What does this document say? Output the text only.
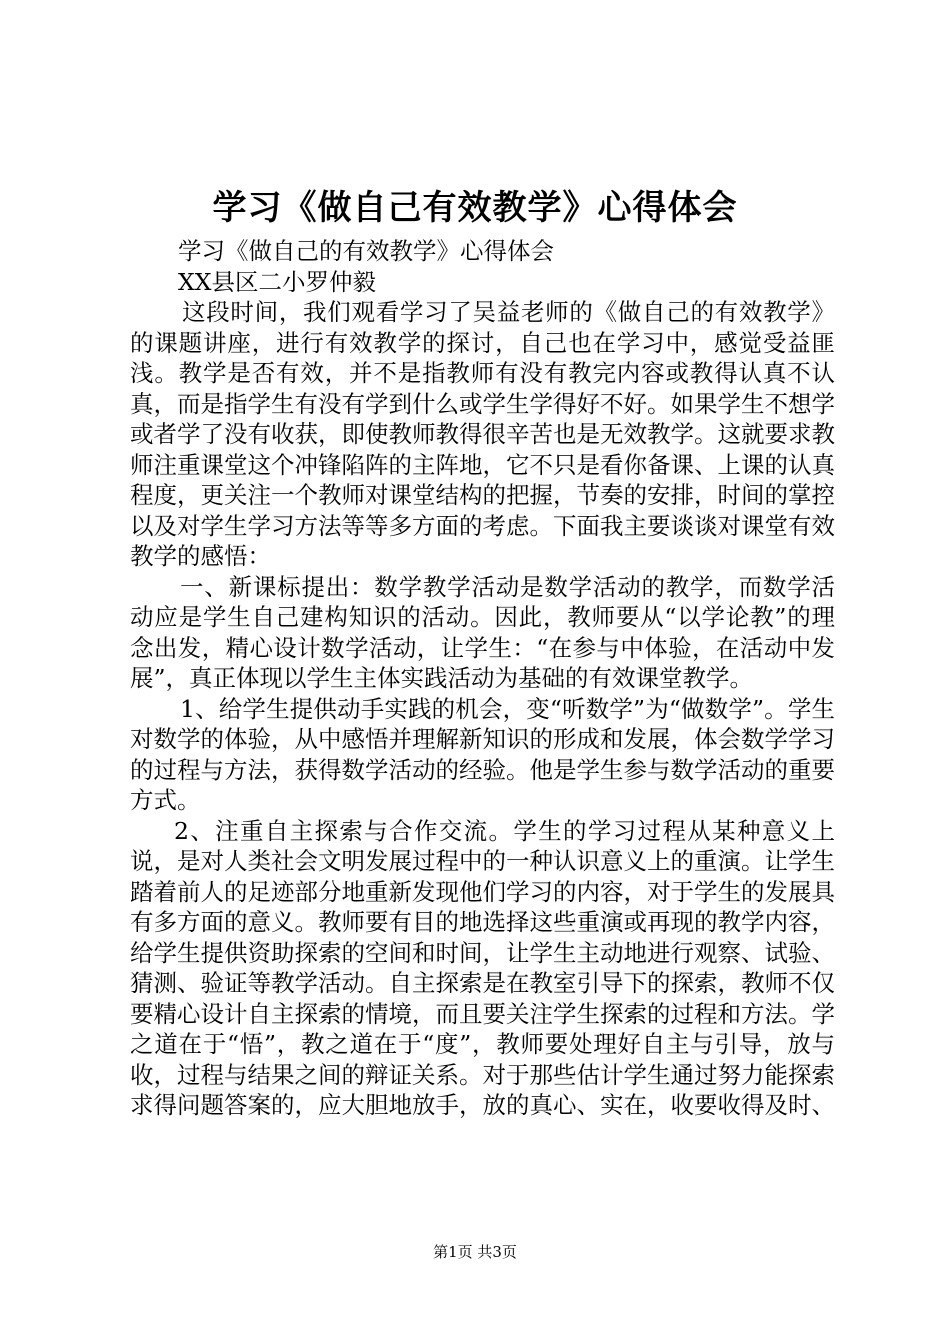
学习《做自己有效教学》心得体会

学习《做自己的有效教学》心得体会

XX县区二小罗仲毅

这段时间，我们观看学习了吴益老师的《做自己的有效教学》的课题讲座，进行有效教学的探讨，自己也在学习中，感觉受益匪浅。教学是否有效，并不是指教师有没有教完内容或教得认真不认真，而是指学生有没有学到什么或学生学得好不好。如果学生不想学或者学了没有收获，即使教师教得很辛苦也是无效教学。这就要求教师注重课堂这个冲锋陷阵的主阵地，它不只是看你备课、上课的认真程度，更关注一个教师对课堂结构的把握，节奏的安排，时间的掌控以及对学生学习方法等等多方面的考虑。下面我主要谈谈对课堂有效教学的感悟：

一、新课标提出：数学教学活动是数学活动的教学，而数学活动应是学生自己建构知识的活动。因此，教师要从“以学论教”的理念出发，精心设计数学活动，让学生：“在参与中体验，在活动中发展”，真正体现以学生主体实践活动为基础的有效课堂教学。

1、给学生提供动手实践的机会，变“听数学”为“做数学”。学生对数学的体验，从中感悟并理解新知识的形成和发展，体会数学学习的过程与方法，获得数学活动的经验。他是学生参与数学活动的重要方式。

2、注重自主探索与合作交流。学生的学习过程从某种意义上说，是对人类社会文明发展过程中的一种认识意义上的重演。让学生踏着前人的足迹部分地重新发现他们学习的内容，对于学生的发展具有多方面的意义。教师要有目的地选择这些重演或再现的教学内容，给学生提供资助探索的空间和时间，让学生主动地进行观察、试验、猜测、验证等教学活动。自主探索是在教室引导下的探索，教师不仅要精心设计自主探索的情境，而且要关注学生探索的过程和方法。学之道在于“悟”，教之道在于“度”，教师要处理好自主与引导，放与收，过程与结果之间的辩证关系。对于那些估计学生通过努力能探索求得问题答案的，应大胆地放手，放的真心、实在，收要收得及时、

第1页 共3页
